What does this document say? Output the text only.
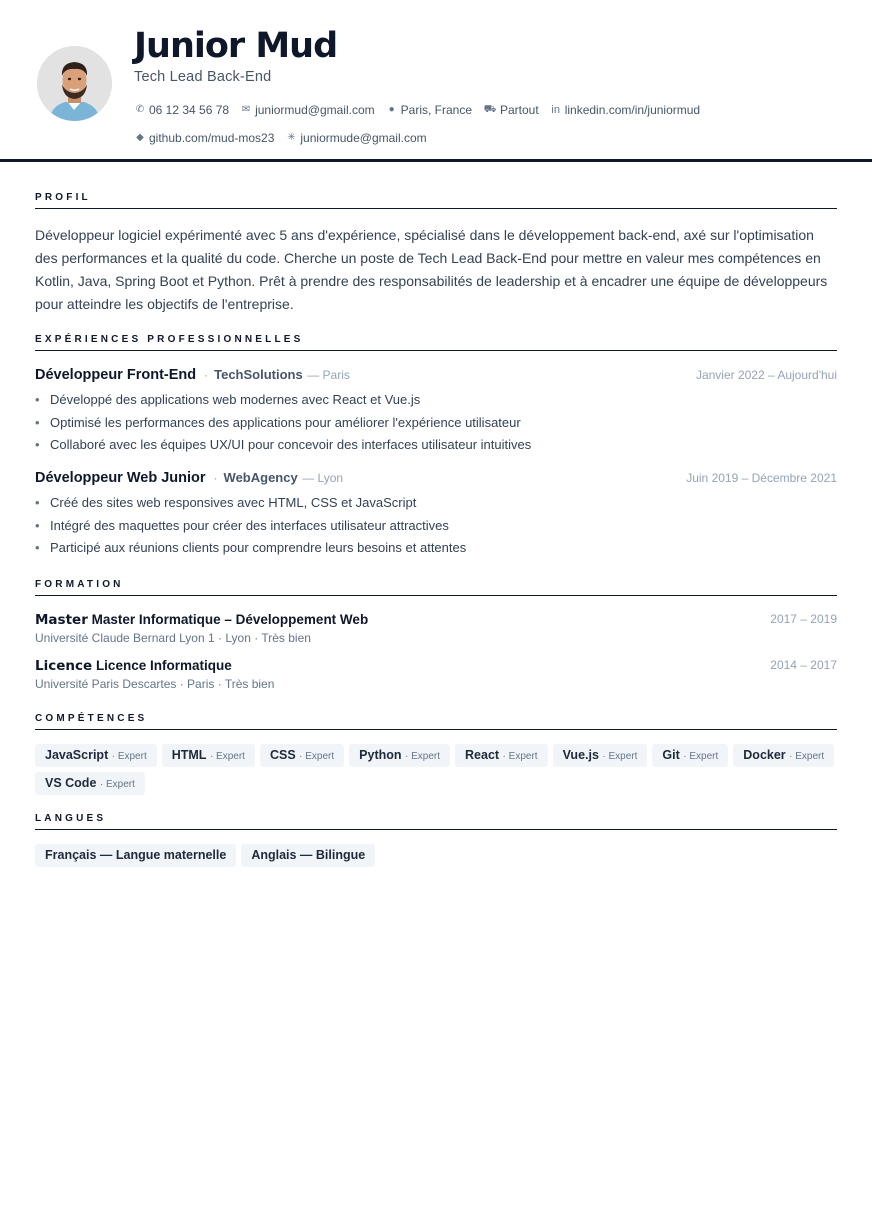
Junior Mud
Tech Lead Back-End
✆ 06 12 34 56 78 ✉ juniormud@gmail.com ● Paris, France ⛟ Partout in linkedin.com/in/juniormud
◆ github.com/mud-mos23 ✳ juniormude@gmail.com
PROFIL

Développeur logiciel expérimenté avec 5 ans d'expérience, spécialisé dans le développement back-end, axé sur l'optimisation des performances et la qualité du code. Cherche un poste de Tech Lead Back-End pour mettre en valeur mes compétences en Kotlin, Java, Spring Boot et Python. Prêt à prendre des responsabilités de leadership et à encadrer une équipe de développeurs pour atteindre les objectifs de l'entreprise.

EXPÉRIENCES PROFESSIONNELLES
Développeur Front-End · TechSolutions — Paris	Janvier 2022 – Aujourd'hui
• Développé des applications web modernes avec React et Vue.js
• Optimisé les performances des applications pour améliorer l'expérience utilisateur
• Collaboré avec les équipes UX/UI pour concevoir des interfaces utilisateur intuitives
Développeur Web Junior · WebAgency — Lyon	Juin 2019 – Décembre 2021
• Créé des sites web responsives avec HTML, CSS et JavaScript
• Intégré des maquettes pour créer des interfaces utilisateur attractives
• Participé aux réunions clients pour comprendre leurs besoins et attentes
FORMATION
Master Master Informatique – Développement Web
Université Claude Bernard Lyon 1 · Lyon · Très bien
2017 – 2019
Licence Licence Informatique
Université Paris Descartes · Paris · Très bien
2014 – 2017
COMPÉTENCES
JavaScript · Expert	HTML · Expert	CSS · Expert	Python · Expert	React · Expert	Vue.js · Expert	Git · Expert	Docker · Expert
VS Code · Expert
LANGUES
Français — Langue maternelle	Anglais — Bilingue
